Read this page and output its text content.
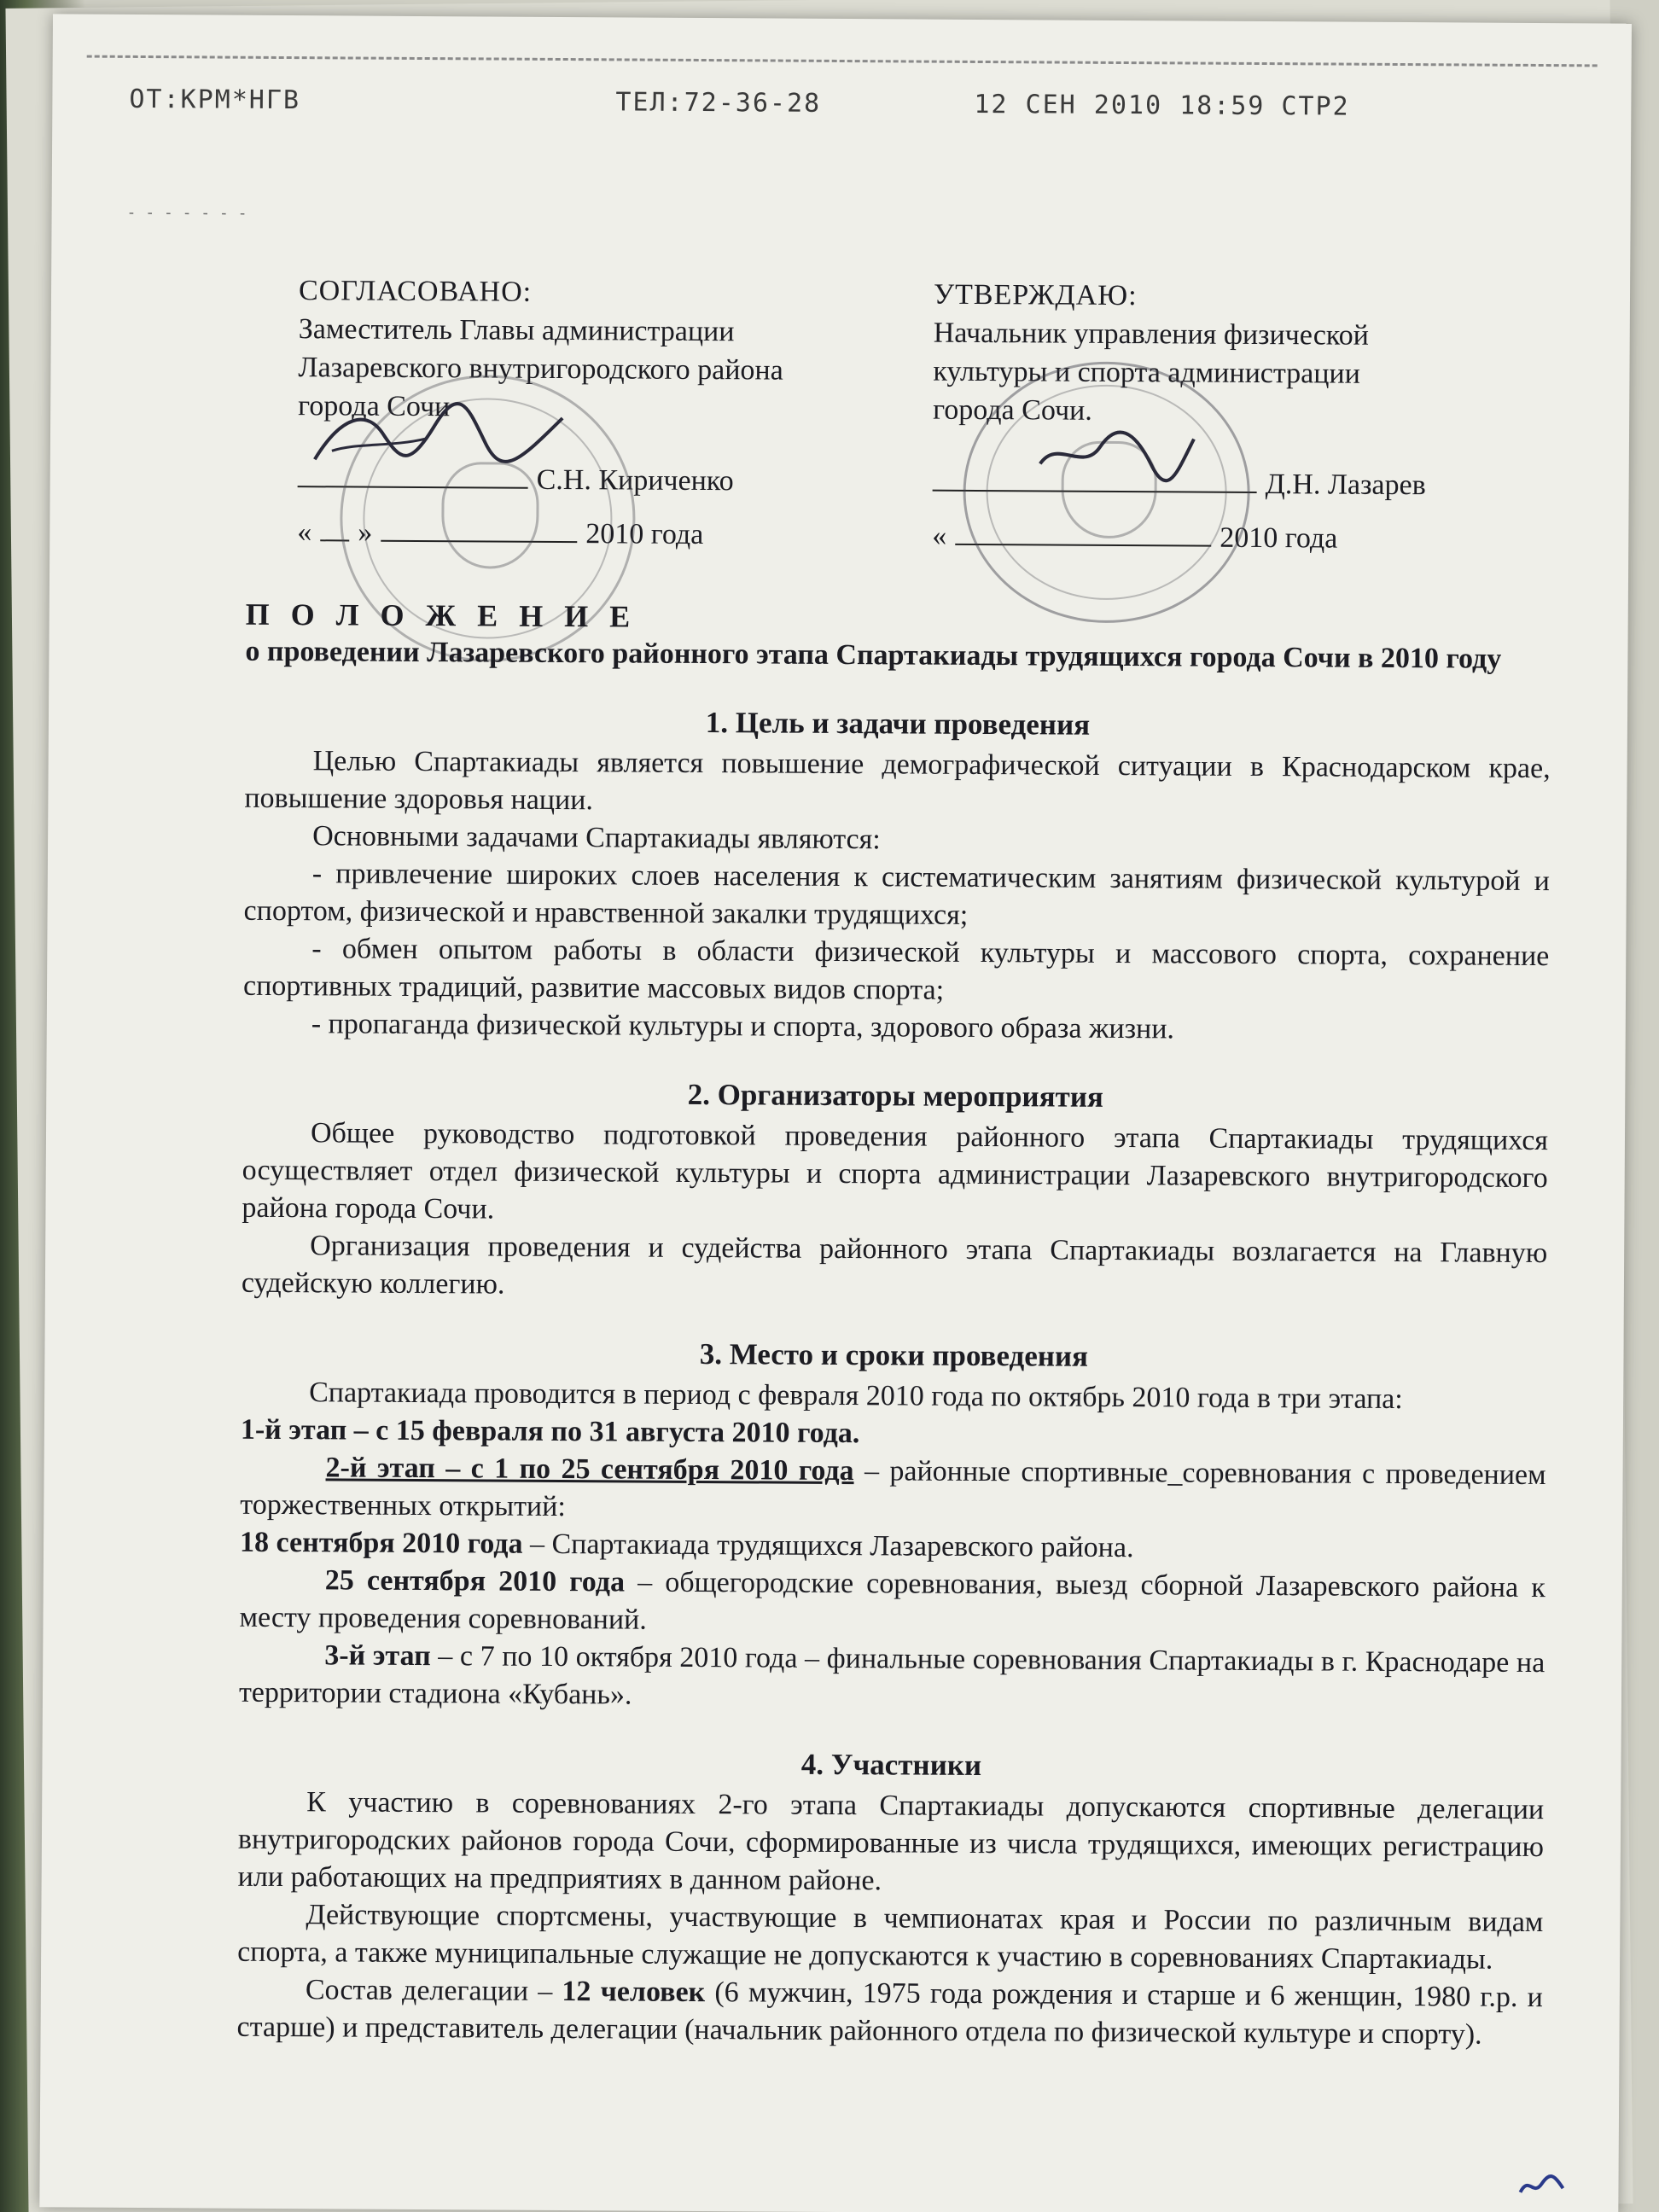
ОТ:КРМ*НГВ	ТЕЛ:72-36-28	12 СЕН 2010 18:59 СТР2
- - - - - - -
СОГЛАСОВАНО:
Заместитель Главы администрации
Лазаревского внутригородского района
города Сочи
С.Н. Кириченко
« »	2010 года
УТВЕРЖДАЮ:
Начальник управления физической
культуры и спорта администрации
города Сочи.
Д.Н. Лазарев
«	2010 года

П О Л О Ж Е Н И Е

о проведении Лазаревского районного этапа Спартакиады трудящихся города Сочи в 2010 году

1. Цель и задачи проведения

Целью Спартакиады является повышение демографической ситуации в Краснодарском крае, повышение здоровья нации.

Основными задачами Спартакиады являются:

- привлечение широких слоев населения к систематическим занятиям физической культурой и спортом, физической и нравственной закалки трудящихся;

- обмен опытом работы в области физической культуры и массового спорта, сохранение спортивных традиций, развитие массовых видов спорта;

- пропаганда физической культуры и спорта, здорового образа жизни.

2. Организаторы мероприятия

Общее руководство подготовкой проведения районного этапа Спартакиады трудящихся осуществляет отдел физической культуры и спорта администрации Лазаревского внутригородского района города Сочи.

Организация проведения и судейства районного этапа Спартакиады возлагается на Главную судейскую коллегию.

3. Место и сроки проведения

Спартакиада проводится в период с февраля 2010 года по октябрь 2010 года в три этапа:

1-й этап – с 15 февраля по 31 августа 2010 года.

2-й этап – с 1 по 25 сентября 2010 года – районные спортивные_соревнования с проведением торжественных открытий:

18 сентября 2010 года – Спартакиада трудящихся Лазаревского района.

25 сентября 2010 года – общегородские соревнования, выезд сборной Лазаревского района к месту проведения соревнований.

3-й этап – с 7 по 10 октября 2010 года – финальные соревнования Спартакиады в г. Краснодаре на территории стадиона «Кубань».

4. Участники

К участию в соревнованиях 2-го этапа Спартакиады допускаются спортивные делегации внутригородских районов города Сочи, сформированные из числа трудящихся, имеющих регистрацию или работающих на предприятиях в данном районе.

Действующие спортсмены, участвующие в чемпионатах края и России по различным видам спорта, а также муниципальные служащие не допускаются к участию в соревнованиях Спартакиады.

Состав делегации – 12 человек (6 мужчин, 1975 года рождения и старше и 6 женщин, 1980 г.р. и старше) и представитель делегации (начальник районного отдела по физической культуре и спорту).
